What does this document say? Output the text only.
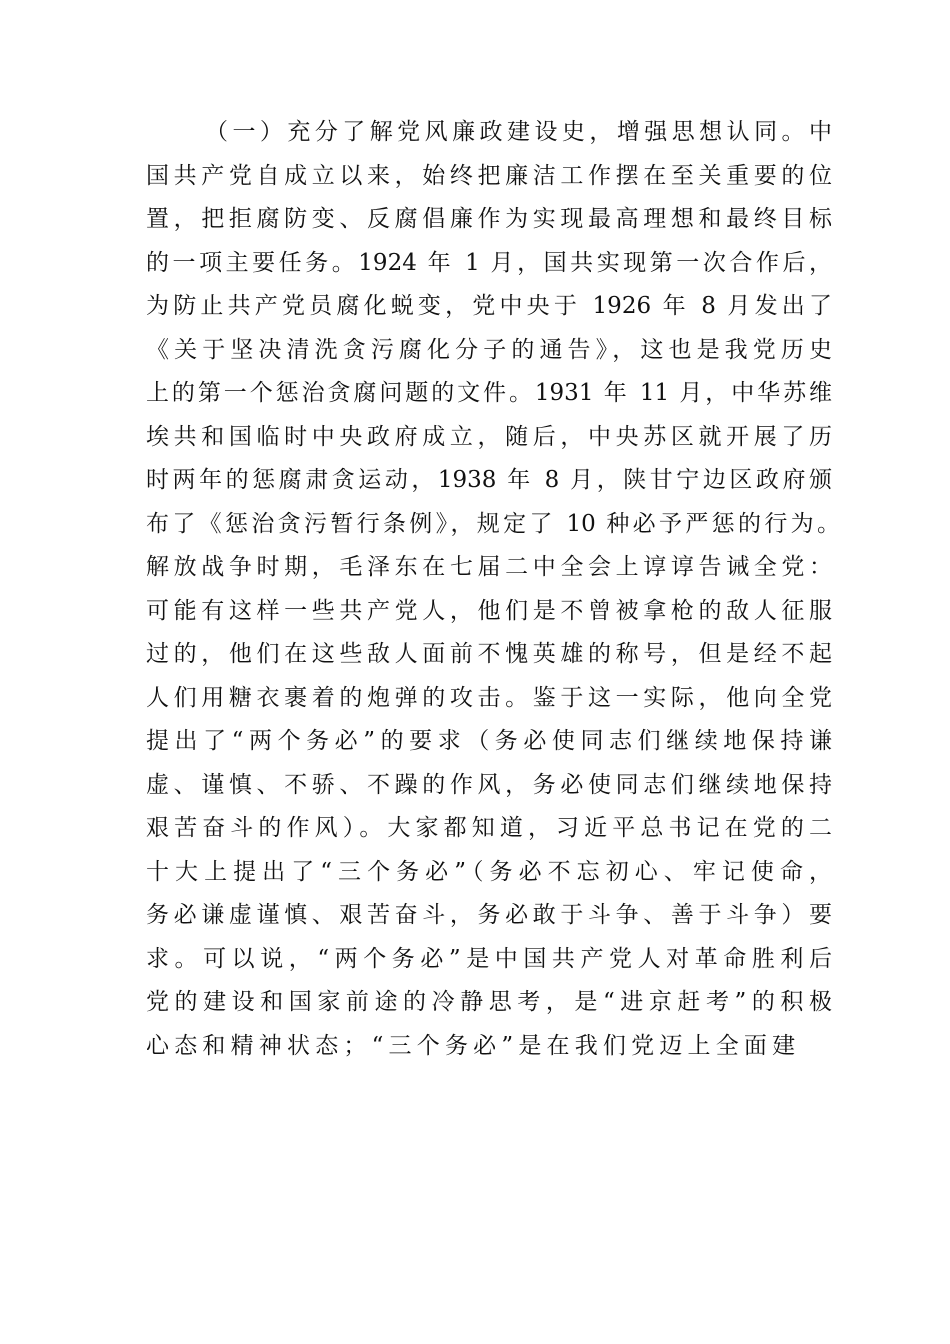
（一）充分了解党风廉政建设史，增强思想认同。中
国共产党自成立以来，始终把廉洁工作摆在至关重要的位
置，把拒腐防变、反腐倡廉作为实现最高理想和最终目标
的一项主要任务。1924 年 1 月，国共实现第一次合作后，
为防止共产党员腐化蜕变，党中央于 1926 年 8 月发出了
《关于坚决清洗贪污腐化分子的通告》，这也是我党历史
上的第一个惩治贪腐问题的文件。1931 年 11 月，中华苏维
埃共和国临时中央政府成立，随后，中央苏区就开展了历
时两年的惩腐肃贪运动，1938 年 8 月，陕甘宁边区政府颁
布了《惩治贪污暂行条例》，规定了 10 种必予严惩的行为。
解放战争时期，毛泽东在七届二中全会上谆谆告诫全党：
可能有这样一些共产党人，他们是不曾被拿枪的敌人征服
过的，他们在这些敌人面前不愧英雄的称号，但是经不起
人们用糖衣裹着的炮弹的攻击。鉴于这一实际，他向全党
提出了“两个务必”的要求（务必使同志们继续地保持谦
虚、谨慎、不骄、不躁的作风，务必使同志们继续地保持
艰苦奋斗的作风）。大家都知道，习近平总书记在党的二
十大上提出了“三个务必”（务必不忘初心、牢记使命，
务必谦虚谨慎、艰苦奋斗，务必敢于斗争、善于斗争）要
求。可以说，“两个务必”是中国共产党人对革命胜利后
党的建设和国家前途的冷静思考，是“进京赶考”的积极
心态和精神状态；“三个务必”是在我们党迈上全面建
